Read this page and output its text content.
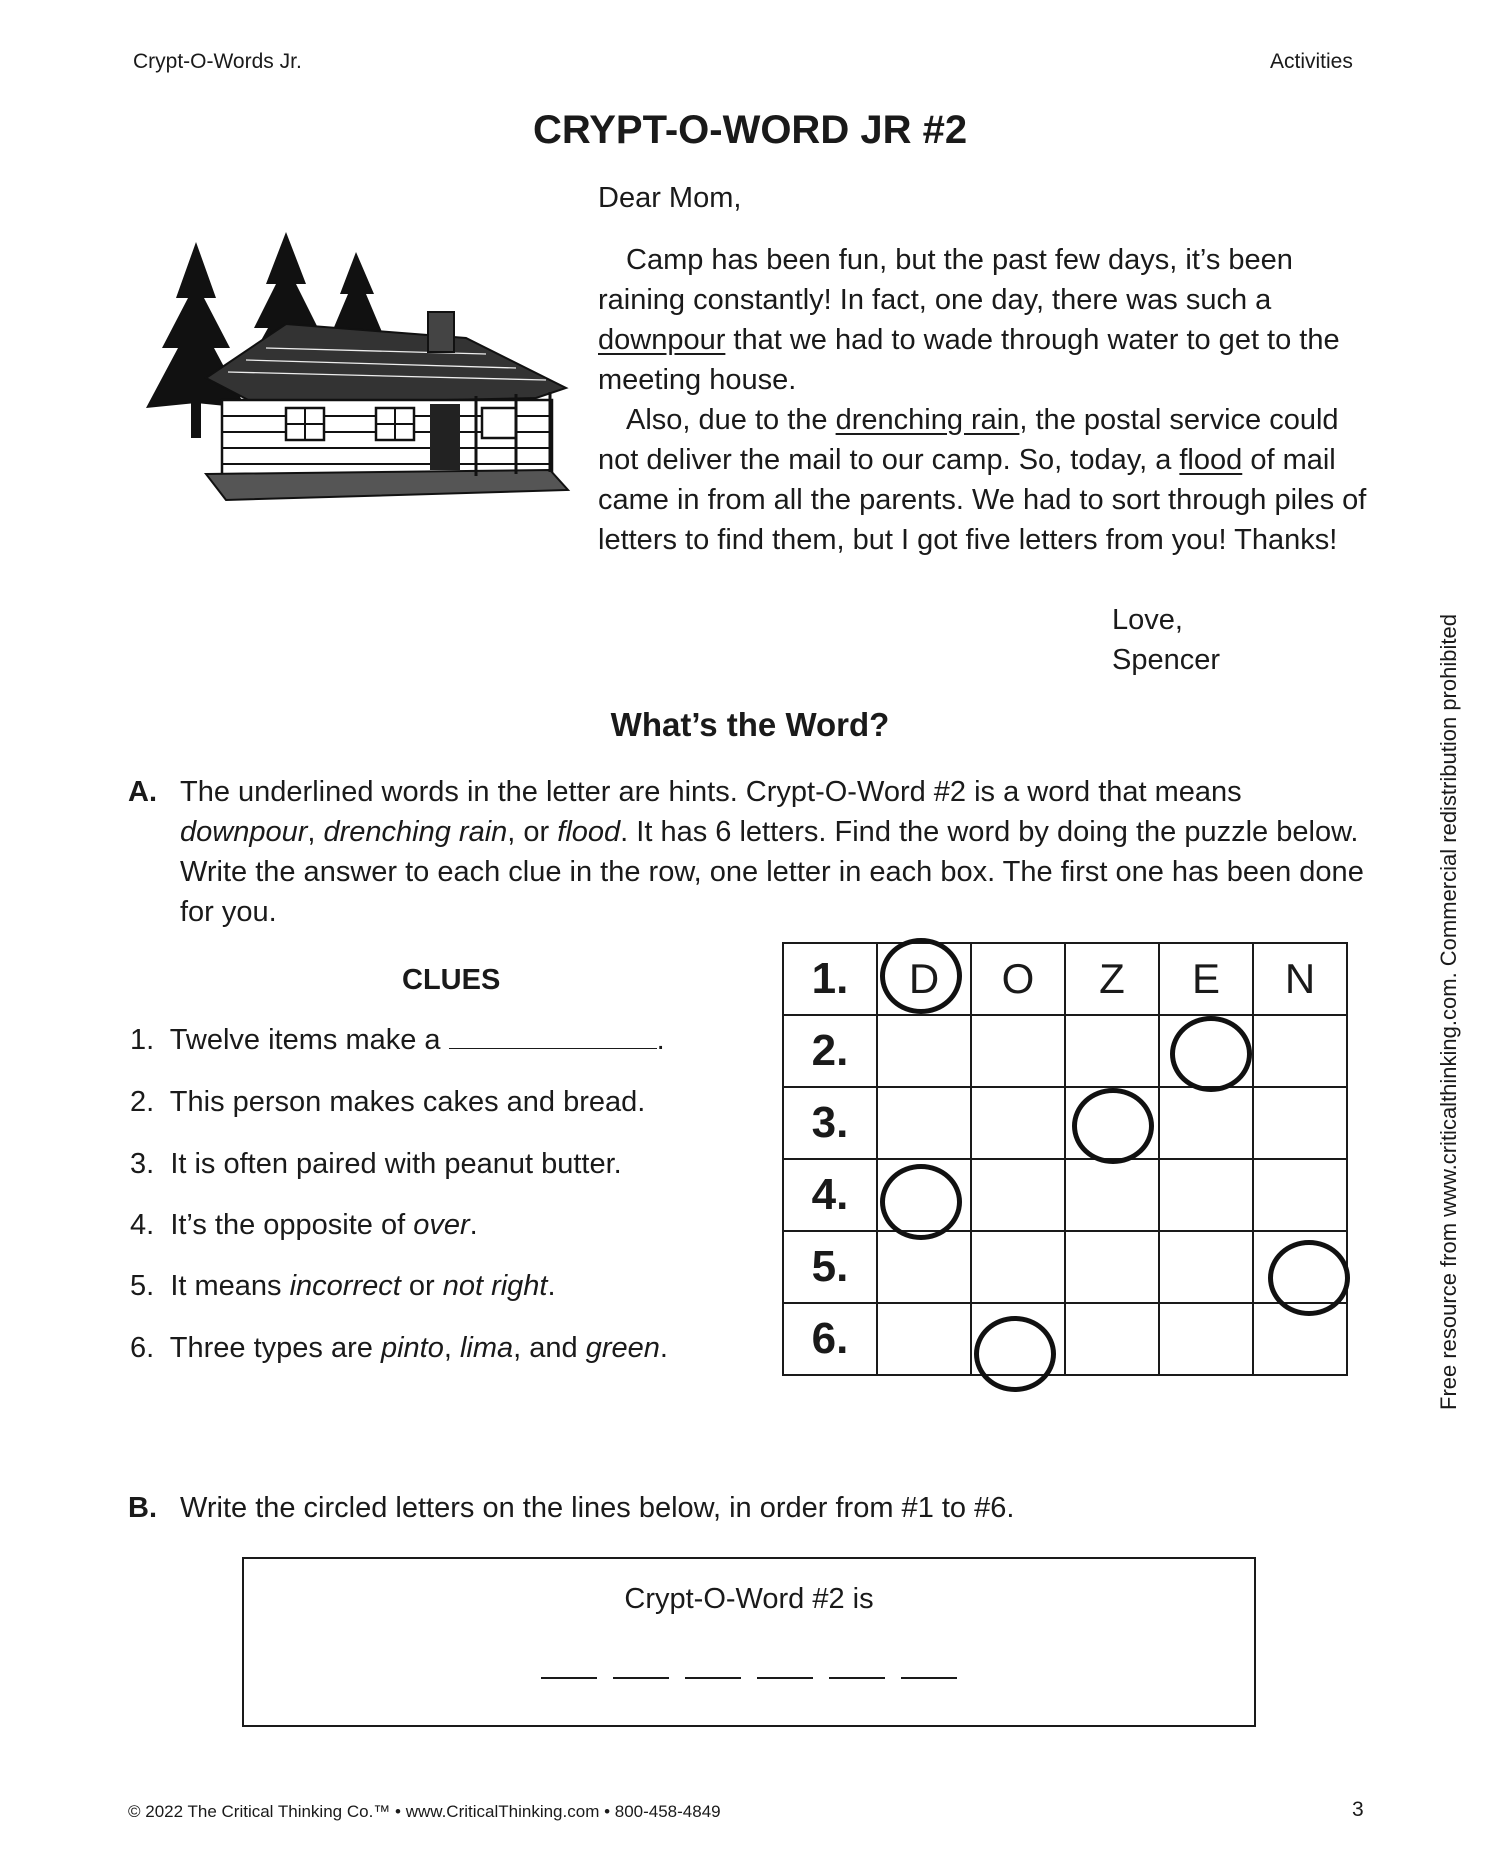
Crypt-O-Words Jr.	Activities
CRYPT-O-WORD JR #2

Dear Mom,

Camp has been fun, but the past few days, it’s been raining constantly! In fact, one day, there was such a downpour that we had to wade through water to get to the meeting house.

Also, due to the drenching rain, the postal service could not deliver the mail to our camp. So, today, a flood of mail came in from all the parents. We had to sort through piles of letters to find them, but I got five letters from you! Thanks!

Love,
Spencer
What’s the Word?
A. The underlined words in the letter are hints. Crypt-O-Word #2 is a word that means downpour, drenching rain, or flood. It has 6 letters. Find the word by doing the puzzle below. Write the answer to each clue in the row, one letter in each box. The first one has been done for you.
CLUES
1. Twelve items make a	.
2. This person makes cakes and bread.
3. It is often paired with peanut butter.
4. It’s the opposite of over.
5. It means incorrect or not right.
6. Three types are pinto, lima, and green.
1.	D	O	Z	E	N
2.					
3.					
4.					
5.					
6.					
B. Write the circled letters on the lines below, in order from #1 to #6.
Crypt-O-Word #2 is
Free resource from www.criticalthinking.com. Commercial redistribution prohibited
© 2022 The Critical Thinking Co.™ • www.CriticalThinking.com • 800-458-4849	3
